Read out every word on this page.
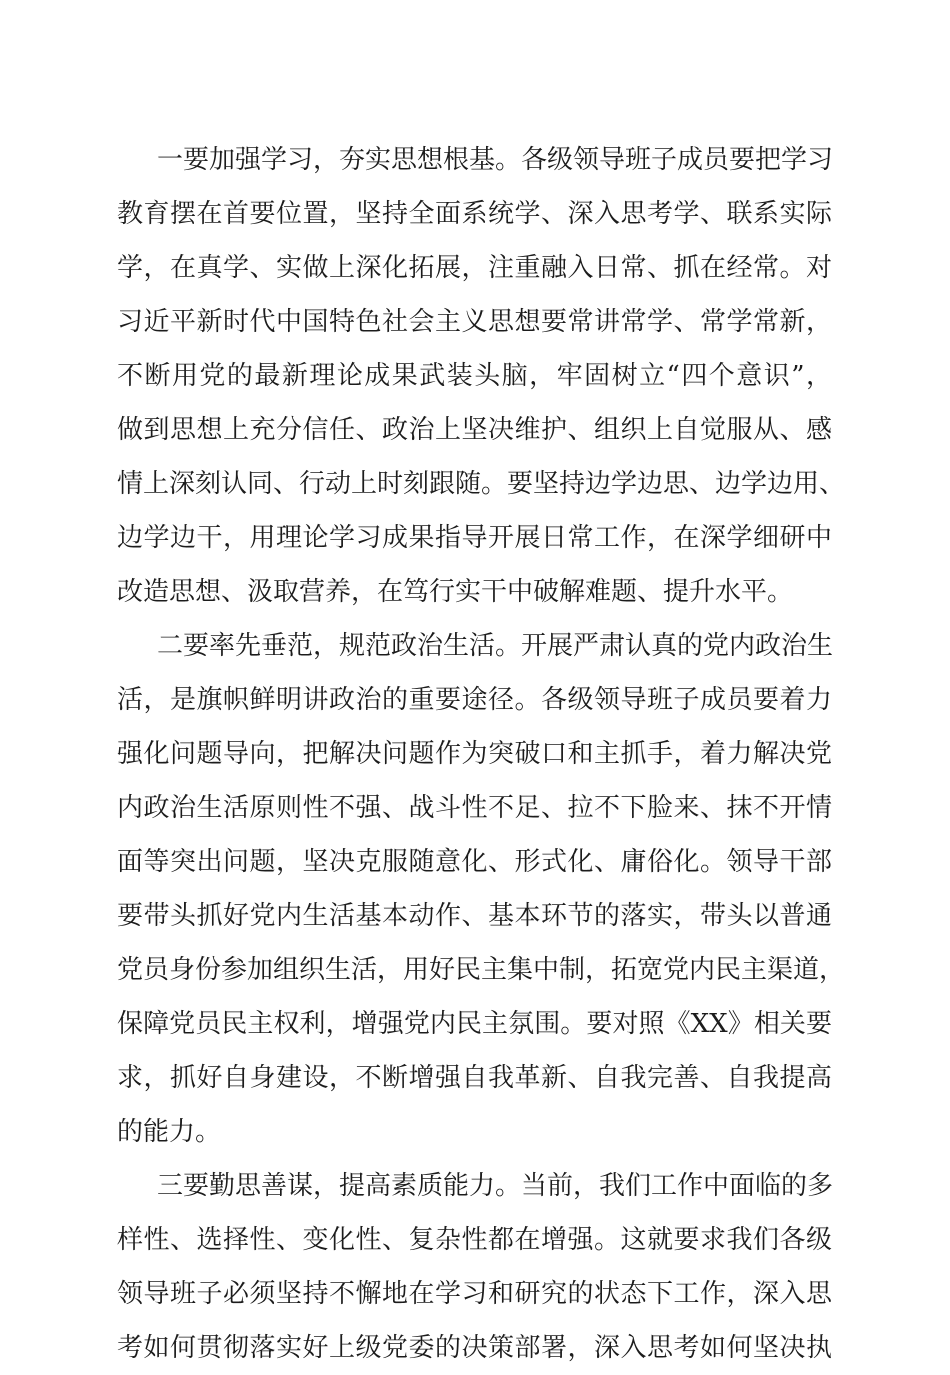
一要加强学习，夯实思想根基。各级领导班子成员要把学习
教育摆在首要位置，坚持全面系统学、深入思考学、联系实际
学，在真学、实做上深化拓展，注重融入日常、抓在经常。对
习近平新时代中国特色社会主义思想要常讲常学、常学常新，
不断用党的最新理论成果武装头脑，牢固树立“四个意识”，
做到思想上充分信任、政治上坚决维护、组织上自觉服从、感
情上深刻认同、行动上时刻跟随。要坚持边学边思、边学边用、
边学边干，用理论学习成果指导开展日常工作，在深学细研中
改造思想、汲取营养，在笃行实干中破解难题、提升水平。
二要率先垂范，规范政治生活。开展严肃认真的党内政治生
活，是旗帜鲜明讲政治的重要途径。各级领导班子成员要着力
强化问题导向，把解决问题作为突破口和主抓手，着力解决党
内政治生活原则性不强、战斗性不足、拉不下脸来、抹不开情
面等突出问题，坚决克服随意化、形式化、庸俗化。领导干部
要带头抓好党内生活基本动作、基本环节的落实，带头以普通
党员身份参加组织生活，用好民主集中制，拓宽党内民主渠道，
保障党员民主权利，增强党内民主氛围。要对照《XX》相关要
求，抓好自身建设，不断增强自我革新、自我完善、自我提高
的能力。
三要勤思善谋，提高素质能力。当前，我们工作中面临的多
样性、选择性、变化性、复杂性都在增强。这就要求我们各级
领导班子必须坚持不懈地在学习和研究的状态下工作，深入思
考如何贯彻落实好上级党委的决策部署，深入思考如何坚决执
